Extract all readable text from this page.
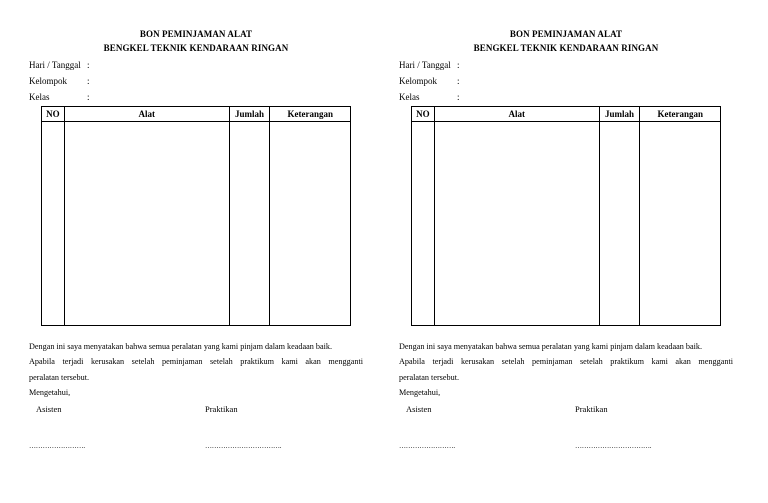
BON PEMINJAMAN ALAT
BENGKEL TEKNIK KENDARAAN RINGAN
Hari / Tanggal :
Kelompok :
Kelas	:
NO	Alat	Jumlah	Keterangan

Dengan ini saya menyatakan bahwa semua peralatan yang kami pinjam dalam keadaan baik.

Apabila terjadi kerusakan setelah peminjaman setelah praktikum kami akan mengganti

peralatan tersebut.

Mengetahui,

Asisten	Praktikan
…………………….	…………………………….
BON PEMINJAMAN ALAT
BENGKEL TEKNIK KENDARAAN RINGAN
Hari / Tanggal :
Kelompok :
Kelas	:
NO	Alat	Jumlah	Keterangan

Dengan ini saya menyatakan bahwa semua peralatan yang kami pinjam dalam keadaan baik.

Apabila terjadi kerusakan setelah peminjaman setelah praktikum kami akan mengganti

peralatan tersebut.

Mengetahui,

Asisten	Praktikan
…………………….	…………………………….
